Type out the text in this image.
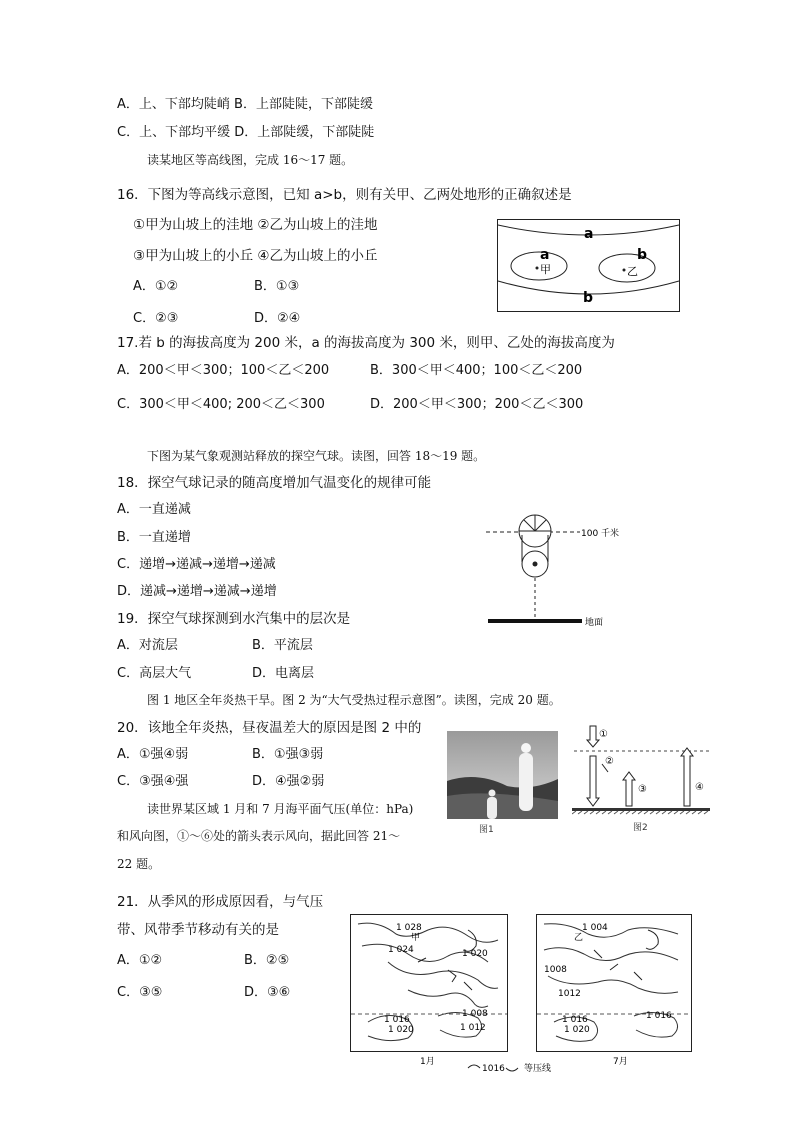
A．上、下部均陡峭 B．上部陡陡，下部陡缓
C．上、下部均平缓 D．上部陡缓，下部陡陡
读某地区等高线图，完成 16～17 题。
16．下图为等高线示意图，已知 a>b，则有关甲、乙两处地形的正确叙述是
①甲为山坡上的洼地 ②乙为山坡上的洼地
③甲为山坡上的小丘 ④乙为山坡上的小丘
A．①②	B．①③
C．②③	D．②④
17.若 b 的海拔高度为 200 米，a 的海拔高度为 300 米，则甲、乙处的海拔高度为
A．200＜甲＜300；100＜乙＜200	B．300＜甲＜400；100＜乙＜200
C．300＜甲＜400; 200＜乙＜300	D．200＜甲＜300；200＜乙＜300
下图为某气象观测站释放的探空气球。读图，回答 18～19 题。
18．探空气球记录的随高度增加气温变化的规律可能
A．一直递减
B．一直递增
C．递增→递减→递增→递减
D．递减→递增→递减→递增
19．探空气球探测到水汽集中的层次是
A．对流层	B．平流层
C．高层大气	D．电离层
图 1 地区全年炎热干旱。图 2 为“大气受热过程示意图”。读图，完成 20 题。
20．该地全年炎热，昼夜温差大的原因是图 2 中的
A．①强④弱	B．①强③弱
C．③强④强	D．④强②弱
读世界某区域 1 月和 7 月海平面气压(单位：hPa)
和风向图，①～⑥处的箭头表示风向，据此回答 21～
22 题。
21．从季风的形成原因看，与气压
带、风带季节移动有关的是
A．①②	B．②⑤
C．③⑤	D．③⑥
a
a	b
b
甲	乙
100 千米
地面
图1
①
②
③	④
图2
1 028
甲
1 024	1 020
1 008
1 016
1 020	1 012
1月
1 004
乙
1008
1012
1 016
1 020
1 016
7月
1016 等压线
